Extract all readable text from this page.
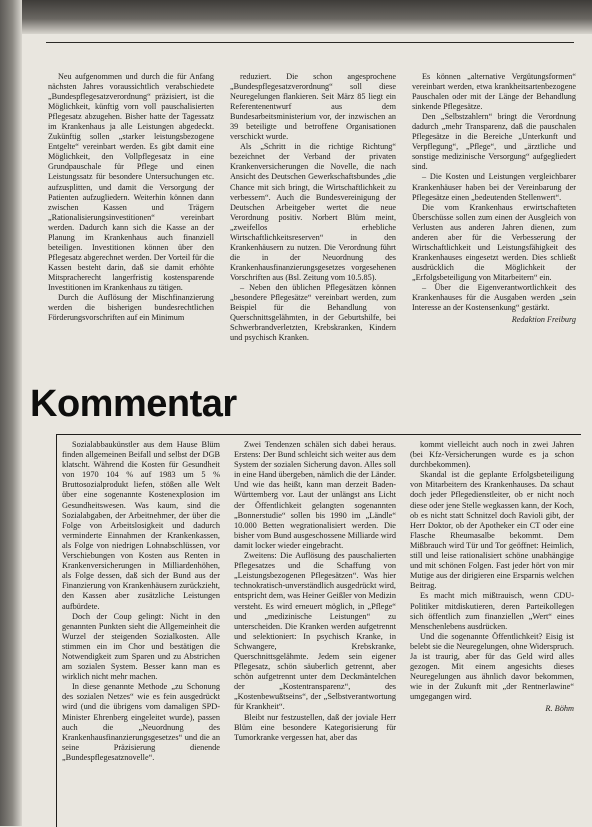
Neu aufgenommen und durch die für Anfang nächsten Jahres voraussichtlich verabschiedete „Bundespflegesatzverordnung“ präzisiert, ist die Möglichkeit, künftig vorn voll pauschalisierten Pflegesatz abzugehen. Bisher hatte der Tagessatz im Krankenhaus ja alle Leistungen abgedeckt. Zukünftig sollen „starker leistungsbezogene Entgelte“ vereinbart werden. Es gibt damit eine Möglichkeit, den Vollpflegesatz in eine Grundpauschale für Pflege und einen Leistungssatz für besondere Untersuchungen etc. aufzusplitten, und damit die Versorgung der Patienten aufzugliedern. Weiterhin können dann zwischen Kassen und Trägern „Rationalisierungsinvestitionen“ vereinbart werden. Dadurch kann sich die Kasse an der Planung im Krankenhaus auch finanziell beteiligen. Investitionen können über den Pflegesatz abgerechnet werden. Der Vorteil für die Kassen besteht darin, daß sie damit erhöhte Mitspracherecht langerfristig kostensparende Investitionen im Krankenhaus zu tätigen.

Durch die Auflösung der Mischfinanzierung werden die bisherigen bundesrechtlichen Förderungsvorschriften auf ein Minimum

reduziert. Die schon angesprochene „Bundespflegesatzverordnung“ soll diese Neuregelungen flankieren. Seit März 85 liegt ein Referentenentwurf aus dem Bundesarbeitsministerium vor, der inzwischen an 39 beteiligte und betroffene Organisationen verschickt wurde.

Als „Schritt in die richtige Richtung“ bezeichnet der Verband der privaten Krankenversicherungen die Novelle, die nach Ansicht des Deutschen Gewerkschaftsbundes „die Chance mit sich bringt, die Wirtschaftlichkeit zu verbessern“. Auch die Bundesvereinigung der Deutschen Arbeitgeber wertet die neue Verordnung positiv. Norbert Blüm meint, „zweifellos erhebliche Wirtschaftlichkeitsreserven“ in den Krankenhäusern zu nutzen. Die Verordnung führt die in der Neuordnung des Krankenhausfinanzierungsgesetzes vorgesehenen Vorschriften aus (Bsl. Zeitung vom 10.5.85).

– Neben den üblichen Pflegesätzen können „besondere Pflegesätze“ vereinbart werden, zum Beispiel für die Behandlung von Querschnittsgelähmten, in der Geburtshilfe, bei Schwerbrandverletzten, Krebskranken, Kindern und psychisch Kranken.

Es können „alternative Vergütungsformen“ vereinbart werden, etwa krankheitsartenbezogene Pauschalen oder mit der Länge der Behandlung sinkende Pflegesätze.

Den „Selbstzahlern“ bringt die Verordnung dadurch „mehr Transparenz, daß die pauschalen Pflegesätze in die Bereiche „Unterkunft und Verpflegung“, „Pflege“, und „ärztliche und sonstige medizinische Versorgung“ aufgegliedert sind.

– Die Kosten und Leistungen vergleichbarer Krankenhäuser haben bei der Vereinbarung der Pflegesätze einen „bedeutenden Stellenwert“.

Die vom Krankenhaus erwirtschafteten Überschüsse sollen zum einen der Ausgleich von Verlusten aus anderen Jahren dienen, zum anderen aber für die Verbesserung der Wirtschaftlichkeit und Leistungsfähigkeit des Krankenhauses eingesetzt werden. Dies schließt ausdrücklich die Möglichkeit der „Erfolgsbeteiligung von Mitarbeitern“ ein.

– Über die Eigenverantwortlichkeit des Krankenhauses für die Ausgaben werden „sein Interesse an der Kostensenkung“ gestärkt.

Redaktion Freiburg

Kommentar

Sozialabbaukünstler aus dem Hause Blüm finden allgemeinen Beifall und selbst der DGB klatscht. Während die Kosten für Gesundheit von 1970 104 % auf 1983 um 5 % Bruttosozialprodukt liefen, stößen alle Welt über eine sogenannte Kostenexplosion im Gesundheitswesen. Was kaum, sind die Sozialabgaben, der Arbeitnehmer, der über die Folge von Arbeitslosigkeit und dadurch verminderte Einnahmen der Krankenkassen, als Folge von niedrigen Lohnabschlüssen, vor Verschiebungen von Kosten aus Renten in Krankenversicherungen in Milliardenhöhen, als Folge dessen, daß sich der Bund aus der Finanzierung von Krankenhäusern zurückzieht, den Kassen aber zusätzliche Leistungen aufbürdete.

Doch der Coup gelingt: Nicht in den genannten Punkten sieht die Allgemeinheit die Wurzel der steigenden Sozialkosten. Alle stimmen ein im Chor und bestätigen die Notwendigkeit zum Sparen und zu Abstrichen am sozialen System. Besser kann man es wirklich nicht mehr machen.

In diese genannte Methode „zu Schonung des sozialen Netzes“ wie es fein ausgedrückt wird (und die übrigens vom damaligen SPD-Minister Ehrenberg eingeleitet wurde), passen auch die „Neuordnung des Krankenhausfinanzierungsgesetzes“ und die an seine Präzisierung dienende „Bundespflegesatznovelle“.

Zwei Tendenzen schälen sich dabei heraus. Erstens: Der Bund schleicht sich weiter aus dem System der sozialen Sicherung davon. Alles soll in eine Hand übergeben, nämlich die der Länder. Und wie das heißt, kann man derzeit Baden-Württemberg vor. Laut der unlängst ans Licht der Öffentlichkeit gelangten sogenannten „Bonnerstudie“ sollen bis 1990 im „Ländle“ 10.000 Betten wegrationalisiert werden. Die bisher vom Bund ausgeschossene Milliarde wird damit locker wieder eingebracht.

Zweitens: Die Auflösung des pauschalierten Pflegesatzes und die Schaffung von „Leistungsbezogenen Pflegesätzen“. Was hier technokratisch-unverständlich ausgedrückt wird, entspricht dem, was Heiner Geißler von Medizin versteht. Es wird erneuert möglich, in „Pflege“ und „medizinische Leistungen“ zu unterscheiden. Die Kranken werden aufgetrennt und selektioniert: In psychisch Kranke, in Schwangere, Krebskranke, Querschnittsgelähmte. Jedem sein eigener Pflegesatz, schön säuberlich getrennt, aber schön aufgetrennt unter dem Deckmäntelchen der „Kostentransparenz“, des „Kostenbewußtseins“, der „Selbstverantwortung für Krankheit“.

Bleibt nur festzustellen, daß der joviale Herr Blüm eine besondere Kategorisierung für Tumorkranke vergessen hat, aber das

kommt vielleicht auch noch in zwei Jahren (bei Kfz-Versicherungen wurde es ja schon durchbekommen).

Skandal ist die geplante Erfolgsbeteiligung von Mitarbeitern des Krankenhauses. Da schaut doch jeder Pflegedienstleiter, ob er nicht noch diese oder jene Stelle wegkassen kann, der Koch, ob es nicht statt Schnitzel doch Ravioli gibt, der Herr Doktor, ob der Apotheker ein CT oder eine Flasche Rheumasalbe bekommt. Dem Mißbrauch wird Tür und Tor geöffnet: Heimlich, still und leise rationalisiert schöne unabhängige und mit schönen Folgen. Fast jeder hört von mir Mutige aus der dirigieren eine Ersparnis welchen Beitrag.

Es macht mich mißtrauisch, wenn CDU-Politiker mitdiskutieren, deren Parteikollegen sich öffentlich zum finanziellen „Wert“ eines Menschenlebens ausdrücken.

Und die sogenannte Öffentlichkeit? Eisig ist belebt sie die Neuregelungen, ohne Widerspruch. Ja ist traurig, aber für das Geld wird alles gezogen. Mit einem angesichts dieses Neuregelungen aus ähnlich davor bekommen, wie in der Zukunft mit „der Rentnerlawine“ umgegangen wird.

R. Böhm
